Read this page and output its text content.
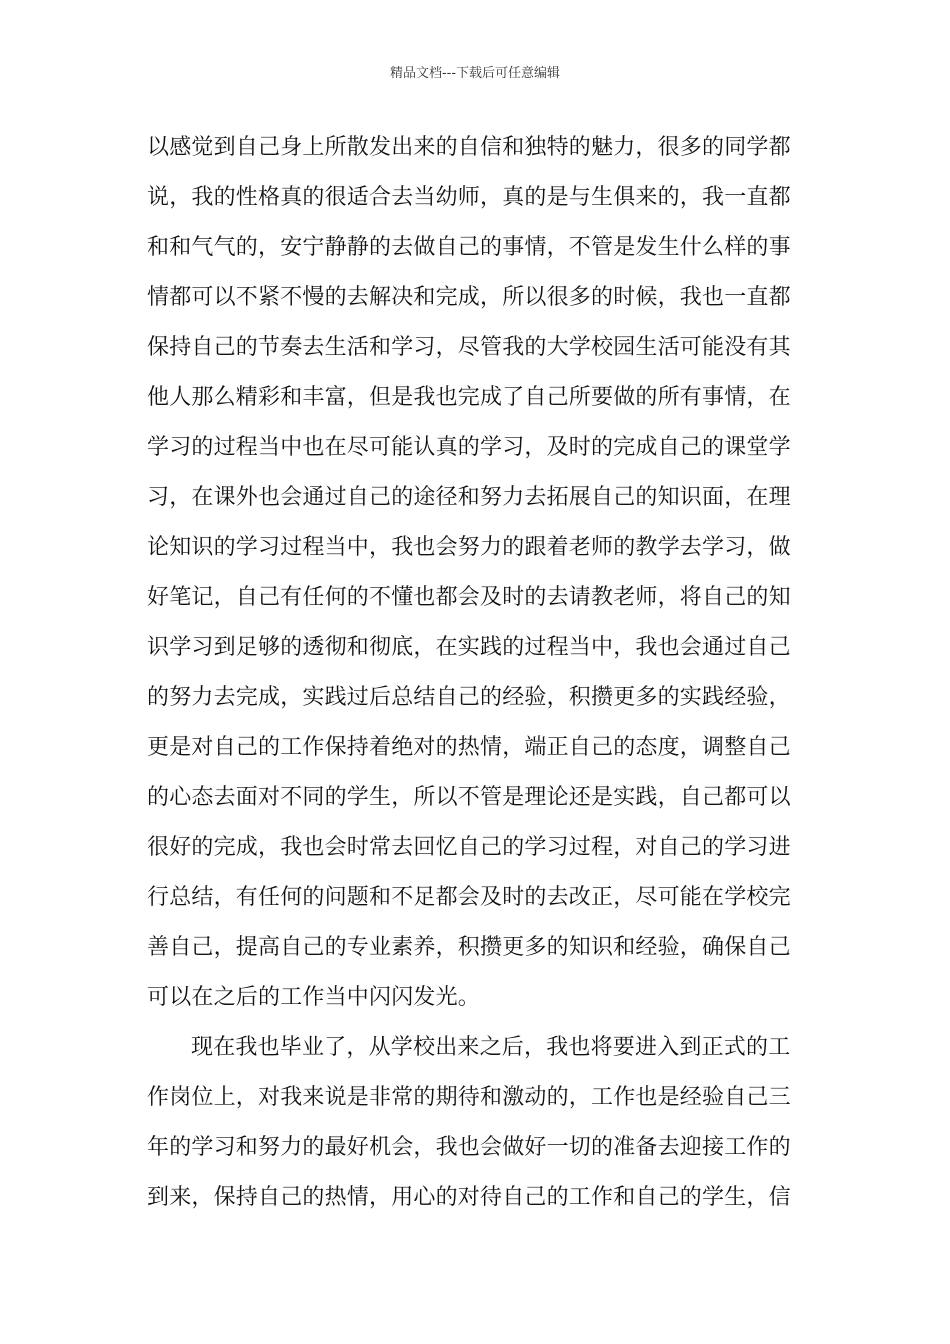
精品文档---下载后可任意编辑
以感觉到自己身上所散发出来的自信和独特的魅力，很多的同学都
说，我的性格真的很适合去当幼师，真的是与生俱来的，我一直都
和和气气的，安宁静静的去做自己的事情，不管是发生什么样的事
情都可以不紧不慢的去解决和完成，所以很多的时候，我也一直都
保持自己的节奏去生活和学习，尽管我的大学校园生活可能没有其
他人那么精彩和丰富，但是我也完成了自己所要做的所有事情，在
学习的过程当中也在尽可能认真的学习，及时的完成自己的课堂学
习，在课外也会通过自己的途径和努力去拓展自己的知识面，在理
论知识的学习过程当中，我也会努力的跟着老师的教学去学习，做
好笔记，自己有任何的不懂也都会及时的去请教老师，将自己的知
识学习到足够的透彻和彻底，在实践的过程当中，我也会通过自己
的努力去完成，实践过后总结自己的经验，积攒更多的实践经验，
更是对自己的工作保持着绝对的热情，端正自己的态度，调整自己
的心态去面对不同的学生，所以不管是理论还是实践，自己都可以
很好的完成，我也会时常去回忆自己的学习过程，对自己的学习进
行总结，有任何的问题和不足都会及时的去改正，尽可能在学校完
善自己，提高自己的专业素养，积攒更多的知识和经验，确保自己
可以在之后的工作当中闪闪发光。
现在我也毕业了，从学校出来之后，我也将要进入到正式的工
作岗位上，对我来说是非常的期待和激动的，工作也是经验自己三
年的学习和努力的最好机会，我也会做好一切的准备去迎接工作的
到来，保持自己的热情，用心的对待自己的工作和自己的学生，信
